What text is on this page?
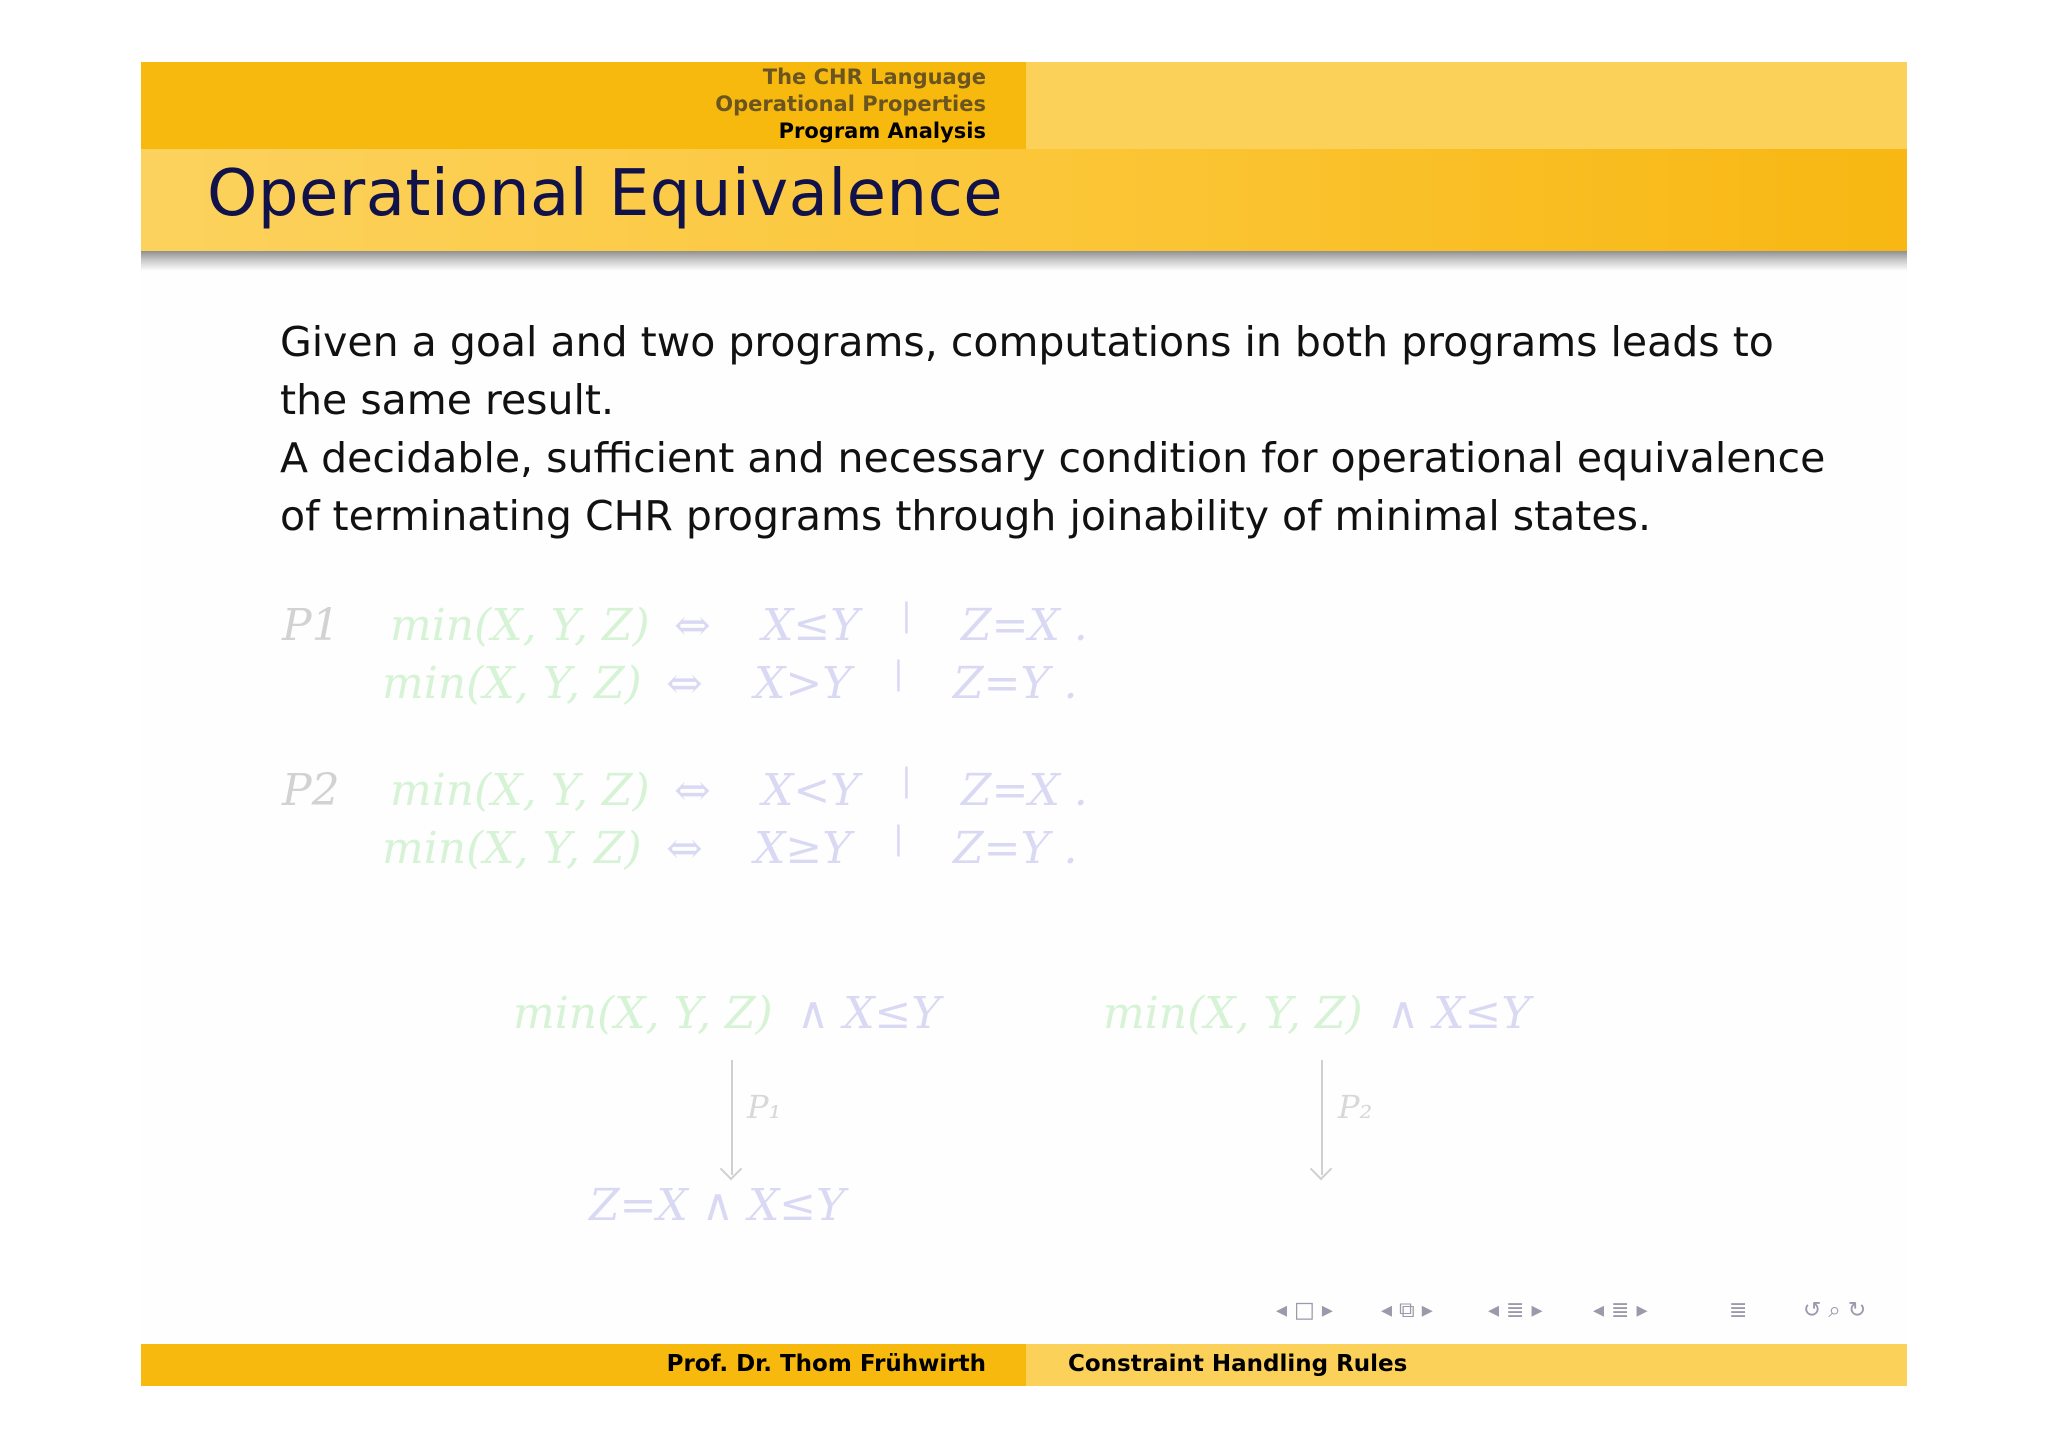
The CHR Language
Operational Properties
Program Analysis
Operational Equivalence
Given a goal and two programs, computations in both programs leads to
the same result.
A decidable, sufficient and necessary condition for operational equivalence
of terminating CHR programs through joinability of minimal states.
P1 min(X, Y, Z) ⇔ X≤Y | Z=X .
min(X, Y, Z) ⇔ X>Y | Z=Y .
P2 min(X, Y, Z) ⇔ X<Y | Z=X .
min(X, Y, Z) ⇔ X≥Y | Z=Y .
min(X, Y, Z) ∧ X≤Y	min(X, Y, Z) ∧ X≤Y
P₁	P₂
Z=X ∧ X≤Y
◂ □ ▸ ◂ ⧉ ▸	◂ ≣ ▸ ◂ ≣ ▸	≣	↺ ⌕ ↻
Prof. Dr. Thom Frühwirth	Constraint Handling Rules
